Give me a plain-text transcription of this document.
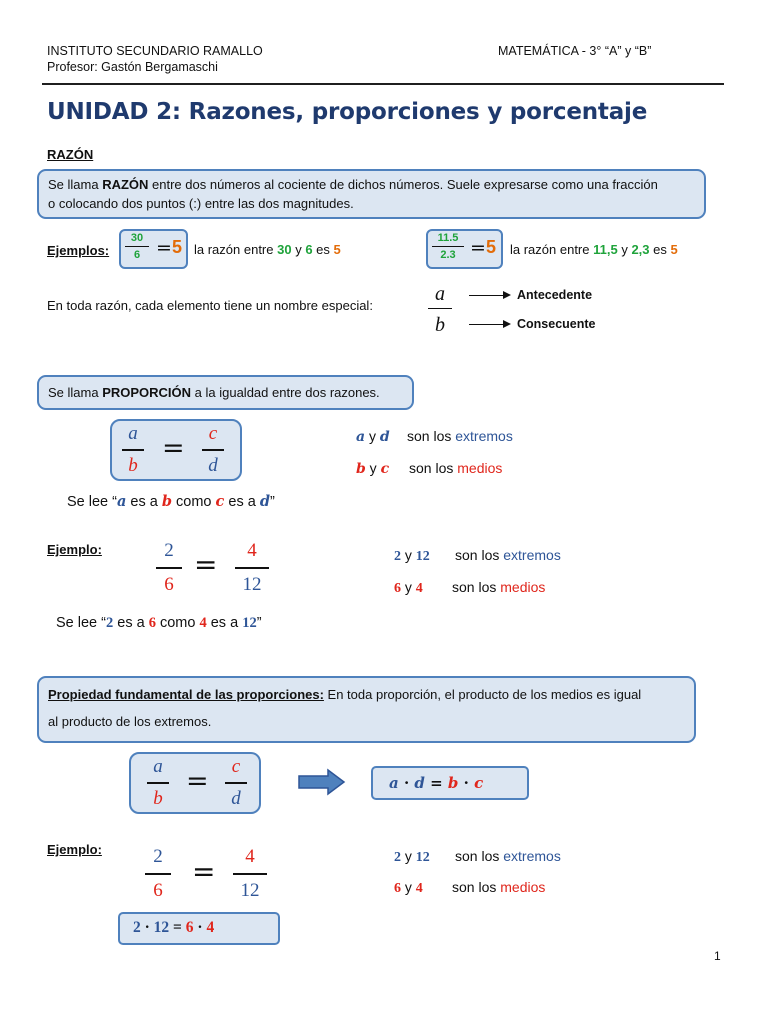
INSTITUTO SECUNDARIO RAMALLO
Profesor: Gastón Bergamaschi
MATEMÁTICA - 3° “A” y “B”
UNIDAD 2: Razones, proporciones y porcentaje
RAZÓN
Se llama RAZÓN entre dos números al cociente de dichos números. Suele expresarse como una fracción
o colocando dos puntos (:) entre las dos magnitudes.
Ejemplos:
30
6 = 5 la razón entre 30 y 6 es 5
11.5
2.3 = 5 la razón entre 11,5 y 2,3 es 5
En toda razón, cada elemento tiene un nombre especial:
a
b
Antecedente
Consecuente
Se llama PROPORCIÓN a la igualdad entre dos razones.
a
b
=	c
d
a y d son los extremos
b y c son los medios
Se lee “a es a b como c es a d”
Ejemplo:	2
6
=	4
12
2 y 12 son los extremos
6 y 4 son los medios
Se lee “2 es a 6 como 4 es a 12”
Propiedad fundamental de las proporciones: En toda proporción, el producto de los medios es igual
al producto de los extremos.
a
b
=	c
d
a · d = b · c
Ejemplo:	2
6
=	4
12
2 y 12 son los extremos
6 y 4 son los medios
2 · 12 = 6 · 4
1
